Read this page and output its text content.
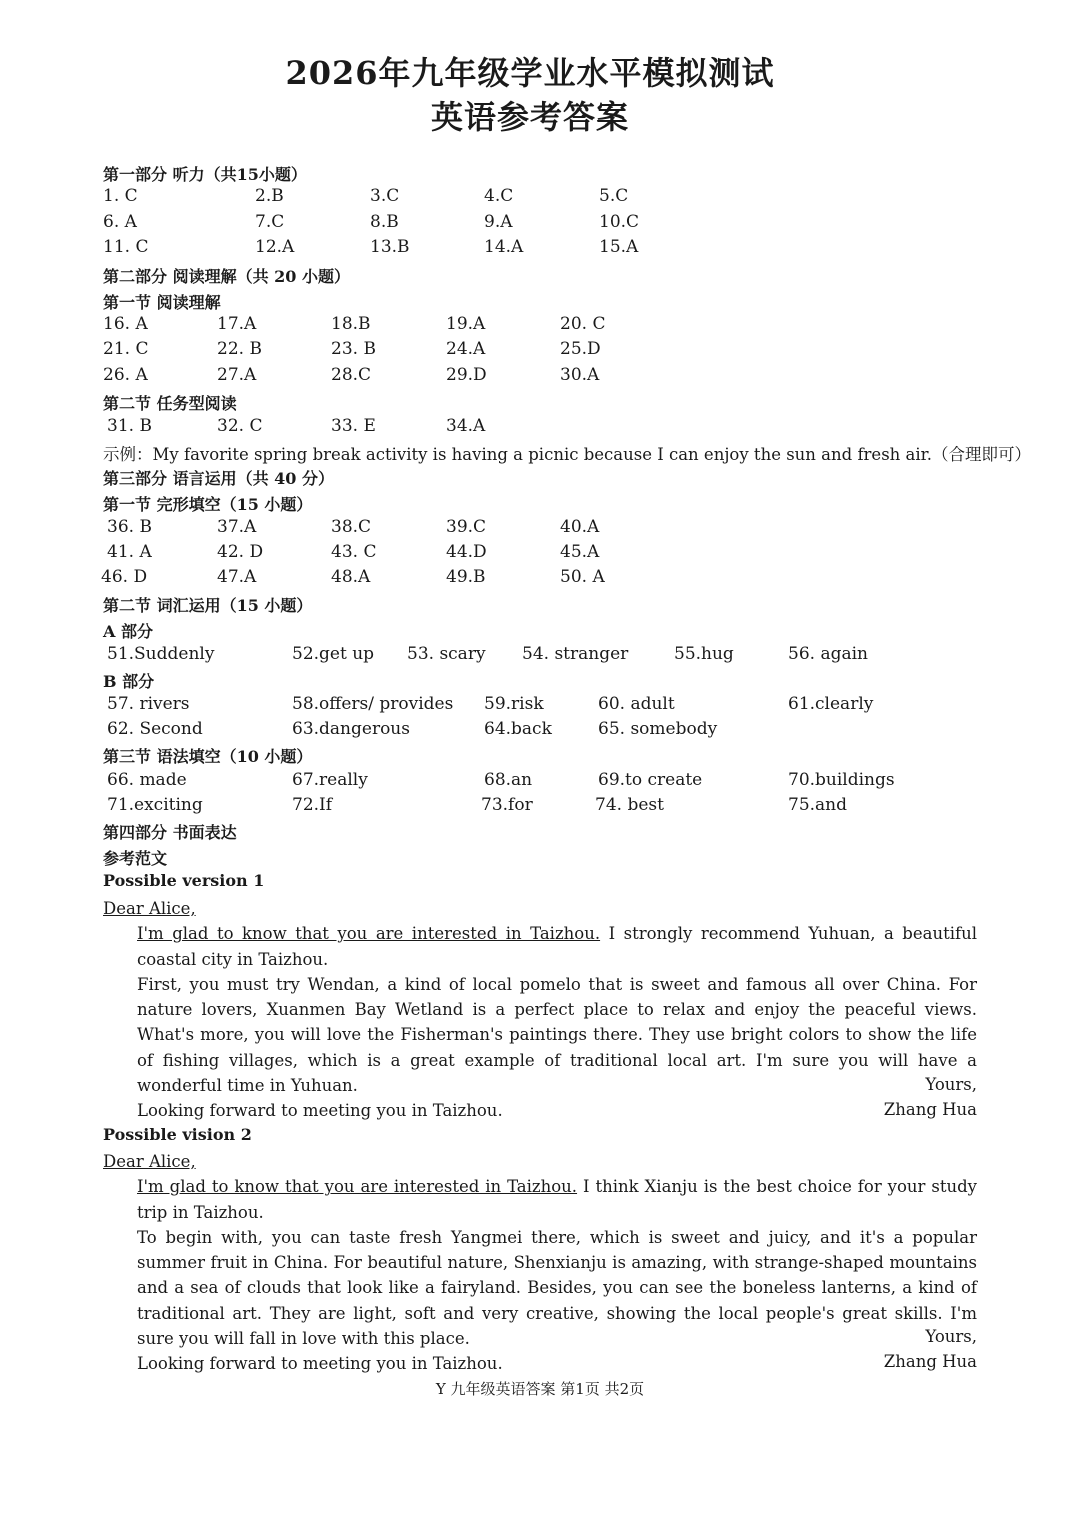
2026年九年级学业水平模拟测试
英语参考答案
第一部分 听力（共15小题）
1. C	2.B	3.C	4.C	5.C
6. A	7.C	8.B	9.A	10.C
11. C	12.A	13.B	14.A	15.A
第二部分 阅读理解（共 20 小题）
第一节 阅读理解
16. A	17.A	18.B	19.A	20. C
21. C	22. B	23. B	24.A	25.D
26. A	27.A	28.C	29.D	30.A
第二节 任务型阅读
31. B	32. C	33. E	34.A
示例：My favorite spring break activity is having a picnic because I can enjoy the sun and fresh air.（合理即可）
第三部分 语言运用（共 40 分）
第一节 完形填空（15 小题）
36. B	37.A	38.C	39.C	40.A
41. A	42. D	43. C	44.D	45.A
46. D	47.A	48.A	49.B	50. A
第二节 词汇运用（15 小题）
A 部分
51.Suddenly	52.get up 53. scary 54. stranger	55.hug	56. again
B 部分
57. rivers	58.offers/ provides 59.risk	60. adult	61.clearly
62. Second	63.dangerous	64.back	65. somebody
第三节 语法填空（10 小题）
66. made	67.really	68.an	69.to create	70.buildings
71.exciting	72.If	73.for	74. best	75.and
第四部分 书面表达
参考范文
Possible version 1
Dear Alice,
I'm glad to know that you are interested in Taizhou. I strongly recommend Yuhuan, a beautiful coastal city in Taizhou.
First, you must try Wendan, a kind of local pomelo that is sweet and famous all over China. For nature lovers, Xuanmen Bay Wetland is a perfect place to relax and enjoy the peaceful views. What's more, you will love the Fisherman's paintings there. They use bright colors to show the life of fishing villages, which is a great example of traditional local art. I'm sure you will have a wonderful time in Yuhuan.
Looking forward to meeting you in Taizhou.
Yours,
Zhang Hua
Possible vision 2
Dear Alice,
I'm glad to know that you are interested in Taizhou. I think Xianju is the best choice for your study trip in Taizhou.
To begin with, you can taste fresh Yangmei there, which is sweet and juicy, and it's a popular summer fruit in China. For beautiful nature, Shenxianju is amazing, with strange-shaped mountains and a sea of clouds that look like a fairyland. Besides, you can see the boneless lanterns, a kind of traditional art. They are light, soft and very creative, showing the local people's great skills. I'm sure you will fall in love with this place.
Looking forward to meeting you in Taizhou.
Yours,
Zhang Hua
Y 九年级英语答案 第1页 共2页
